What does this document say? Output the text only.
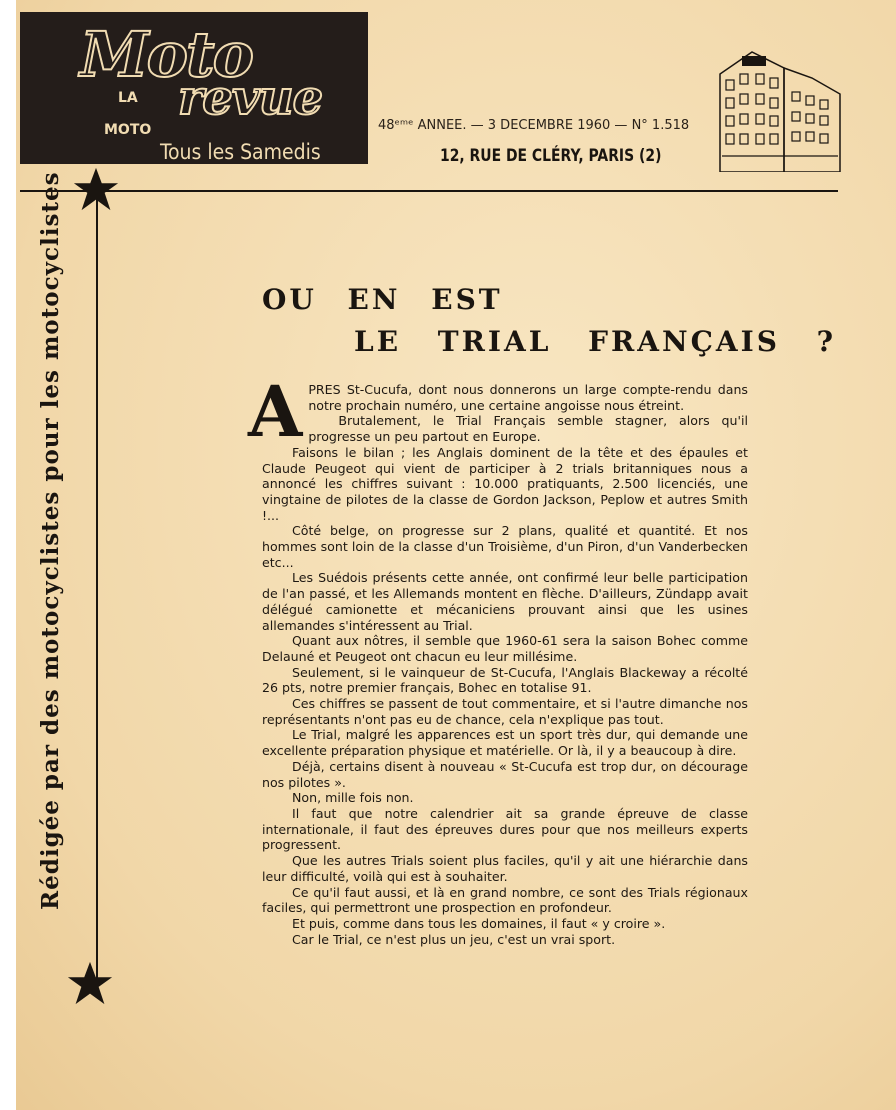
Moto
LA revue
MOTO
Tous les Samedis
48ᵉᵐᵉ ANNEE. — 3 DECEMBRE 1960 — N° 1.518
12, RUE DE CLÉRY, PARIS (2)
Rédigée par des motocyclistes pour les motocyclistes	OU EN EST
LE TRIAL FRANÇAIS ?
A PRES St-Cucufa, dont nous donnerons un large compte-rendu dans notre prochain numéro, une certaine angoisse nous étreint.

Brutalement, le Trial Français semble stagner, alors qu'il progresse un peu partout en Europe.

Faisons le bilan ; les Anglais dominent de la tête et des épaules et Claude Peugeot qui vient de participer à 2 trials britanniques nous a annoncé les chiffres suivant : 10.000 pratiquants, 2.500 licenciés, une vingtaine de pilotes de la classe de Gordon Jackson, Peplow et autres Smith !...

Côté belge, on progresse sur 2 plans, qualité et quantité. Et nos hommes sont loin de la classe d'un Troisième, d'un Piron, d'un Vanderbecken etc...

Les Suédois présents cette année, ont confirmé leur belle participation de l'an passé, et les Allemands montent en flèche. D'ailleurs, Zündapp avait délégué camionette et mécaniciens prouvant ainsi que les usines allemandes s'intéressent au Trial.

Quant aux nôtres, il semble que 1960-61 sera la saison Bohec comme Delauné et Peugeot ont chacun eu leur millésime.

Seulement, si le vainqueur de St-Cucufa, l'Anglais Blackeway a récolté 26 pts, notre premier français, Bohec en totalise 91.

Ces chiffres se passent de tout commentaire, et si l'autre dimanche nos représentants n'ont pas eu de chance, cela n'explique pas tout.

Le Trial, malgré les apparences est un sport très dur, qui demande une excellente préparation physique et matérielle. Or là, il y a beaucoup à dire.

Déjà, certains disent à nouveau « St-Cucufa est trop dur, on décourage nos pilotes ».

Non, mille fois non.

Il faut que notre calendrier ait sa grande épreuve de classe internationale, il faut des épreuves dures pour que nos meilleurs experts progressent.

Que les autres Trials soient plus faciles, qu'il y ait une hiérarchie dans leur difficulté, voilà qui est à souhaiter.

Ce qu'il faut aussi, et là en grand nombre, ce sont des Trials régionaux faciles, qui permettront une prospection en profondeur.

Et puis, comme dans tous les domaines, il faut « y croire ».

Car le Trial, ce n'est plus un jeu, c'est un vrai sport.
